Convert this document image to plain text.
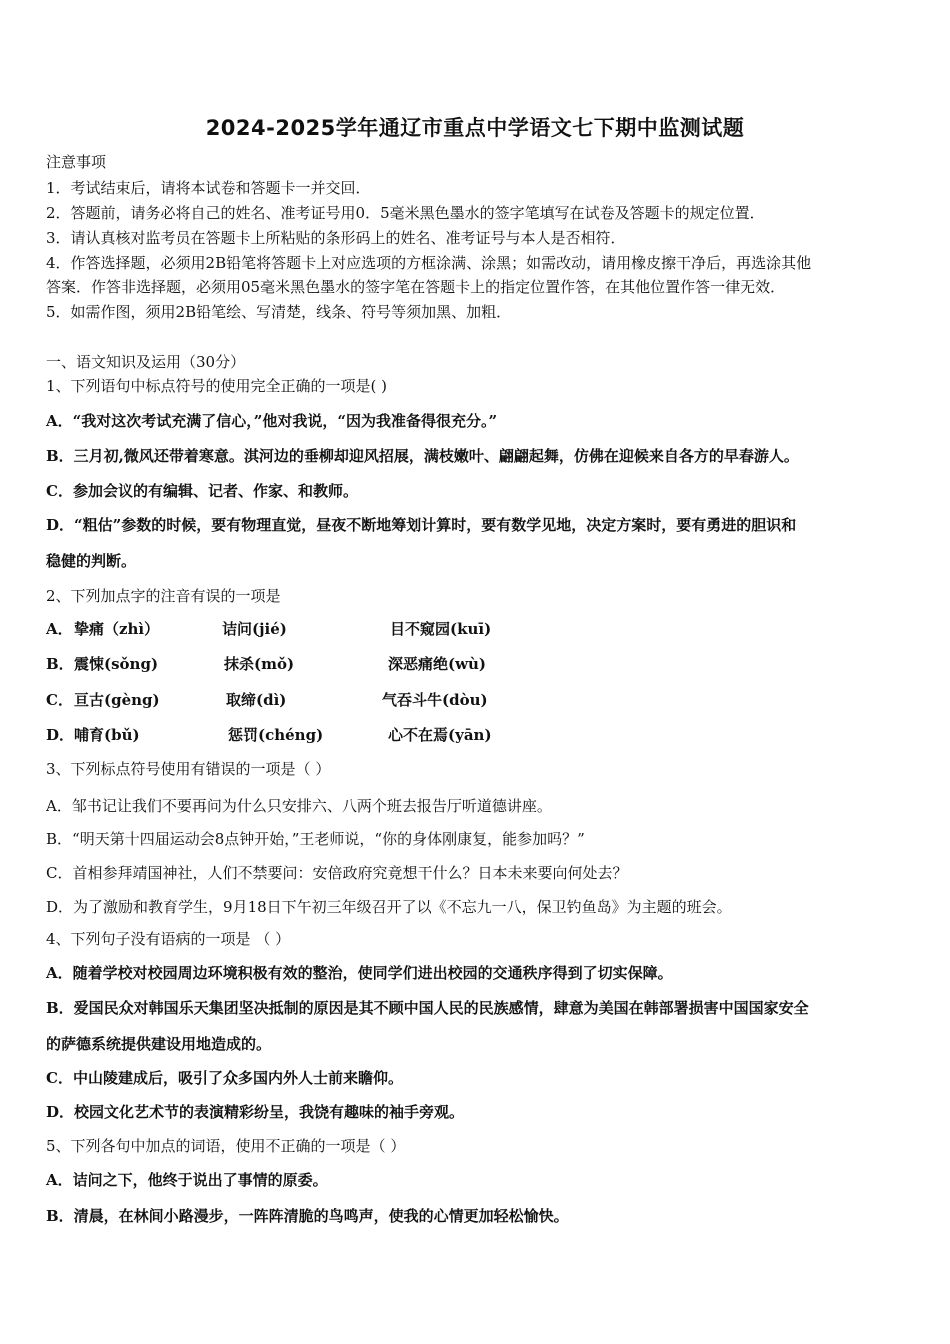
2024-2025学年通辽市重点中学语文七下期中监测试题
注意事项
1．考试结束后，请将本试卷和答题卡一并交回．
2．答题前，请务必将自己的姓名、准考证号用0．5毫米黑色墨水的签字笔填写在试卷及答题卡的规定位置．
3．请认真核对监考员在答题卡上所粘贴的条形码上的姓名、准考证号与本人是否相符．
4．作答选择题，必须用2B铅笔将答题卡上对应选项的方框涂满、涂黑；如需改动，请用橡皮擦干净后，再选涂其他
答案．作答非选择题，必须用05毫米黑色墨水的签字笔在答题卡上的指定位置作答，在其他位置作答一律无效．
5．如需作图，须用2B铅笔绘、写清楚，线条、符号等须加黑、加粗．
一、语文知识及运用（30分）
1、下列语句中标点符号的使用完全正确的一项是( )
A．“我对这次考试充满了信心，”他对我说，“因为我准备得很充分。”
B．三月初,微风还带着寒意。淇河边的垂柳却迎风招展，满枝嫩叶、翩翩起舞，仿佛在迎候来自各方的早春游人。
C．参加会议的有编辑、记者、作家、和教师。
D．“粗估”参数的时候，要有物理直觉，昼夜不断地筹划计算时，要有数学见地，决定方案时，要有勇进的胆识和
稳健的判断。
2、下列加点字的注音有误的一项是
A． 挚痛（zhì）	诘问(jié)	目不窥园(kuī)
B． 震悚(sǒng)	抹杀(mǒ)	深恶痛绝(wù)
C． 亘古(gèng)	取缔(dì)	气吞斗牛(dòu)
D． 哺育(bǔ)	惩罚(chéng)	心不在焉(yān)
3、下列标点符号使用有错误的一项是（ ）
A．邹书记让我们不要再问为什么只安排六、八两个班去报告厅听道德讲座。
B．“明天第十四届运动会8点钟开始，”王老师说，“你的身体刚康复，能参加吗？”
C．首相参拜靖国神社，人们不禁要问：安倍政府究竟想干什么？日本未来要向何处去？
D．为了激励和教育学生，9月18日下午初三年级召开了以《不忘九一八，保卫钓鱼岛》为主题的班会。
4、下列句子没有语病的一项是 （ ）
A．随着学校对校园周边环境积极有效的整治，使同学们进出校园的交通秩序得到了切实保障。
B．爱国民众对韩国乐天集团坚决抵制的原因是其不顾中国人民的民族感情，肆意为美国在韩部署损害中国国家安全
的萨德系统提供建设用地造成的。
C．中山陵建成后，吸引了众多国内外人士前来瞻仰。
D．校园文化艺术节的表演精彩纷呈，我饶有趣味的袖手旁观。
5、下列各句中加点的词语，使用不正确的一项是（ ）
A．诘问之下，他终于说出了事情的原委。
B．清晨，在林间小路漫步，一阵阵清脆的鸟鸣声，使我的心情更加轻松愉快。
